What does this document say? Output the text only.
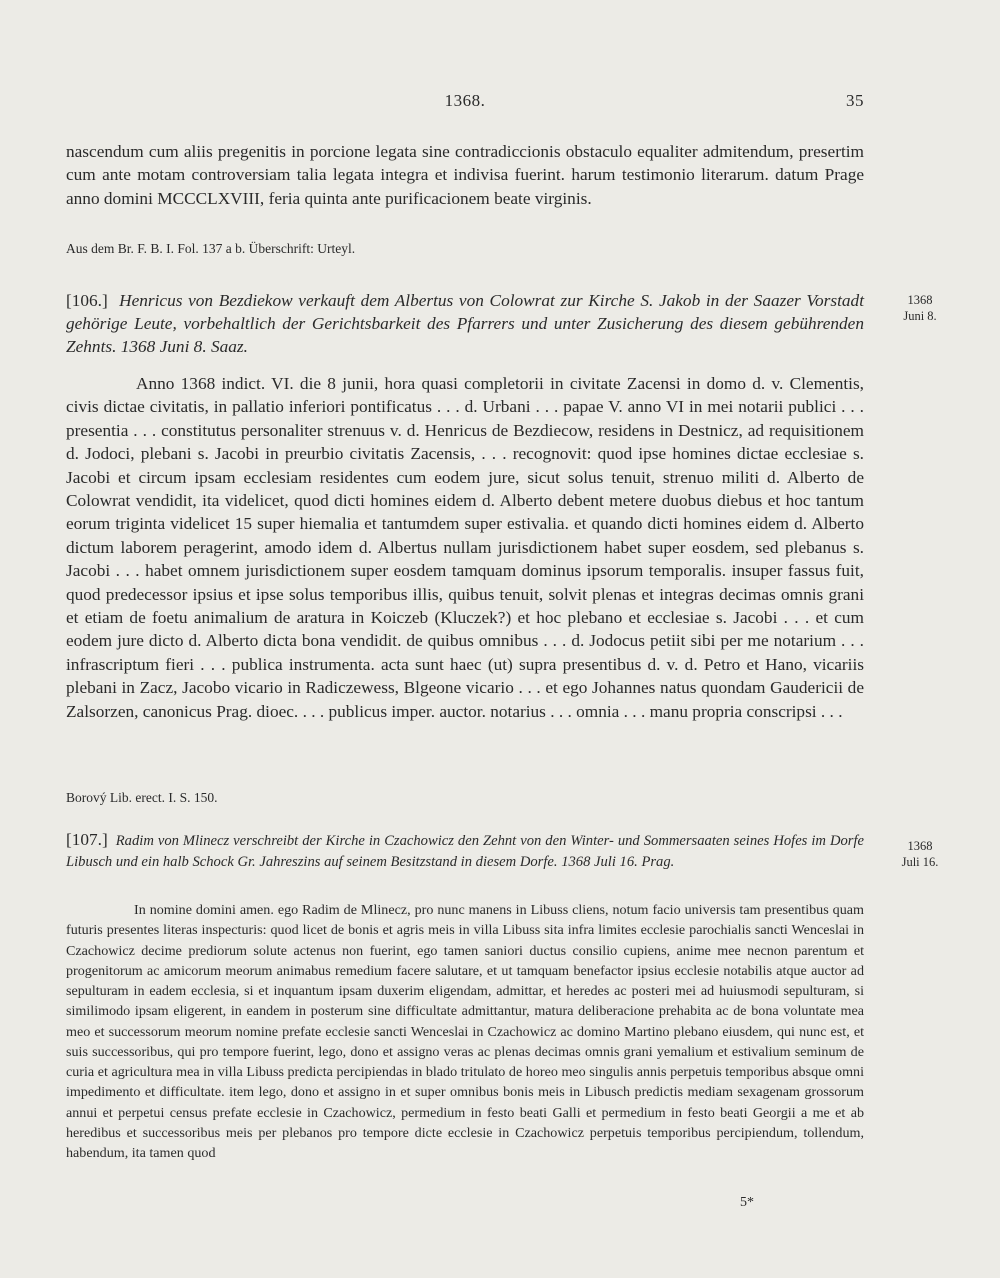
1368.	35

nascendum cum aliis pregenitis in porcione legata sine contradiccionis obstaculo equaliter admitendum, presertim cum ante motam controversiam talia legata integra et indivisa fuerint. harum testimonio literarum. datum Prage anno domini MCCCLXVIII, feria quinta ante purificacionem beate virginis.

Aus dem Br. F. B. I. Fol. 137 a b. Überschrift: Urteyl.

[106.] Henricus von Bezdiekow verkauft dem Albertus von Colowrat zur Kirche S. Jakob in der Saazer Vorstadt gehörige Leute, vorbehaltlich der Gerichtsbarkeit des Pfarrers und unter Zusicherung des diesem gebührenden Zehnts. 1368 Juni 8. Saaz.

1368
Juni 8.

Anno 1368 indict. VI. die 8 junii, hora quasi completorii in civitate Zacensi in domo d. v. Clementis, civis dictae civitatis, in pallatio inferiori pontificatus . . . d. Urbani . . . papae V. anno VI in mei notarii publici . . . presentia . . . constitutus personaliter strenuus v. d. Henricus de Bezdiecow, residens in Destnicz, ad requisitionem d. Jodoci, plebani s. Jacobi in preurbio civitatis Zacensis, . . . recognovit: quod ipse homines dictae ecclesiae s. Jacobi et circum ipsam ecclesiam residentes cum eodem jure, sicut solus tenuit, strenuo militi d. Alberto de Colowrat vendidit, ita videlicet, quod dicti homines eidem d. Alberto debent metere duobus diebus et hoc tantum eorum triginta videlicet 15 super hiemalia et tantumdem super estivalia. et quando dicti homines eidem d. Alberto dictum laborem peragerint, amodo idem d. Albertus nullam jurisdictionem habet super eosdem, sed plebanus s. Jacobi . . . habet omnem jurisdictionem super eosdem tamquam dominus ipsorum temporalis. insuper fassus fuit, quod predecessor ipsius et ipse solus temporibus illis, quibus tenuit, solvit plenas et integras decimas omnis grani et etiam de foetu animalium de aratura in Koiczeb (Kluczek?) et hoc plebano et ecclesiae s. Jacobi . . . et cum eodem jure dicto d. Alberto dicta bona vendidit. de quibus omnibus . . . d. Jodocus petiit sibi per me notarium . . . infrascriptum fieri . . . publica instrumenta. acta sunt haec (ut) supra presentibus d. v. d. Petro et Hano, vicariis plebani in Zacz, Jacobo vicario in Radiczewess, Blgeone vicario . . . et ego Johannes natus quondam Gaudericii de Zalsorzen, canonicus Prag. dioec. . . . publicus imper. auctor. notarius . . . omnia . . . manu propria conscripsi . . .

Borový Lib. erect. I. S. 150.

[107.] Radim von Mlinecz verschreibt der Kirche in Czachowicz den Zehnt von den Winter- und Sommersaaten seines Hofes im Dorfe Libusch und ein halb Schock Gr. Jahreszins auf seinem Besitzstand in diesem Dorfe. 1368 Juli 16. Prag.

1368
Juli 16.

In nomine domini amen. ego Radim de Mlinecz, pro nunc manens in Libuss cliens, notum facio universis tam presentibus quam futuris presentes literas inspecturis: quod licet de bonis et agris meis in villa Libuss sita infra limites ecclesie parochialis sancti Wenceslai in Czachowicz decime prediorum solute actenus non fuerint, ego tamen saniori ductus consilio cupiens, anime mee necnon parentum et progenitorum ac amicorum meorum animabus remedium facere salutare, et ut tamquam benefactor ipsius ecclesie notabilis atque auctor ad sepulturam in eadem ecclesia, si et inquantum ipsam duxerim eligendam, admittar, et heredes ac posteri mei ad huiusmodi sepulturam, si similimodo ipsam eligerent, in eandem in posterum sine difficultate admittantur, matura deliberacione prehabita ac de bona voluntate mea meo et successorum meorum nomine prefate ecclesie sancti Wenceslai in Czachowicz ac domino Martino plebano eiusdem, qui nunc est, et suis successoribus, qui pro tempore fuerint, lego, dono et assigno veras ac plenas decimas omnis grani yemalium et estivalium seminum de curia et agricultura mea in villa Libuss predicta percipiendas in blado tritulato de horeo meo singulis annis perpetuis temporibus absque omni impedimento et difficultate. item lego, dono et assigno in et super omnibus bonis meis in Libusch predictis mediam sexagenam grossorum annui et perpetui census prefate ecclesie in Czachowicz, permedium in festo beati Galli et permedium in festo beati Georgii a me et ab heredibus et successoribus meis per plebanos pro tempore dicte ecclesie in Czachowicz perpetuis temporibus percipiendum, tollendum, habendum, ita tamen quod

5*
